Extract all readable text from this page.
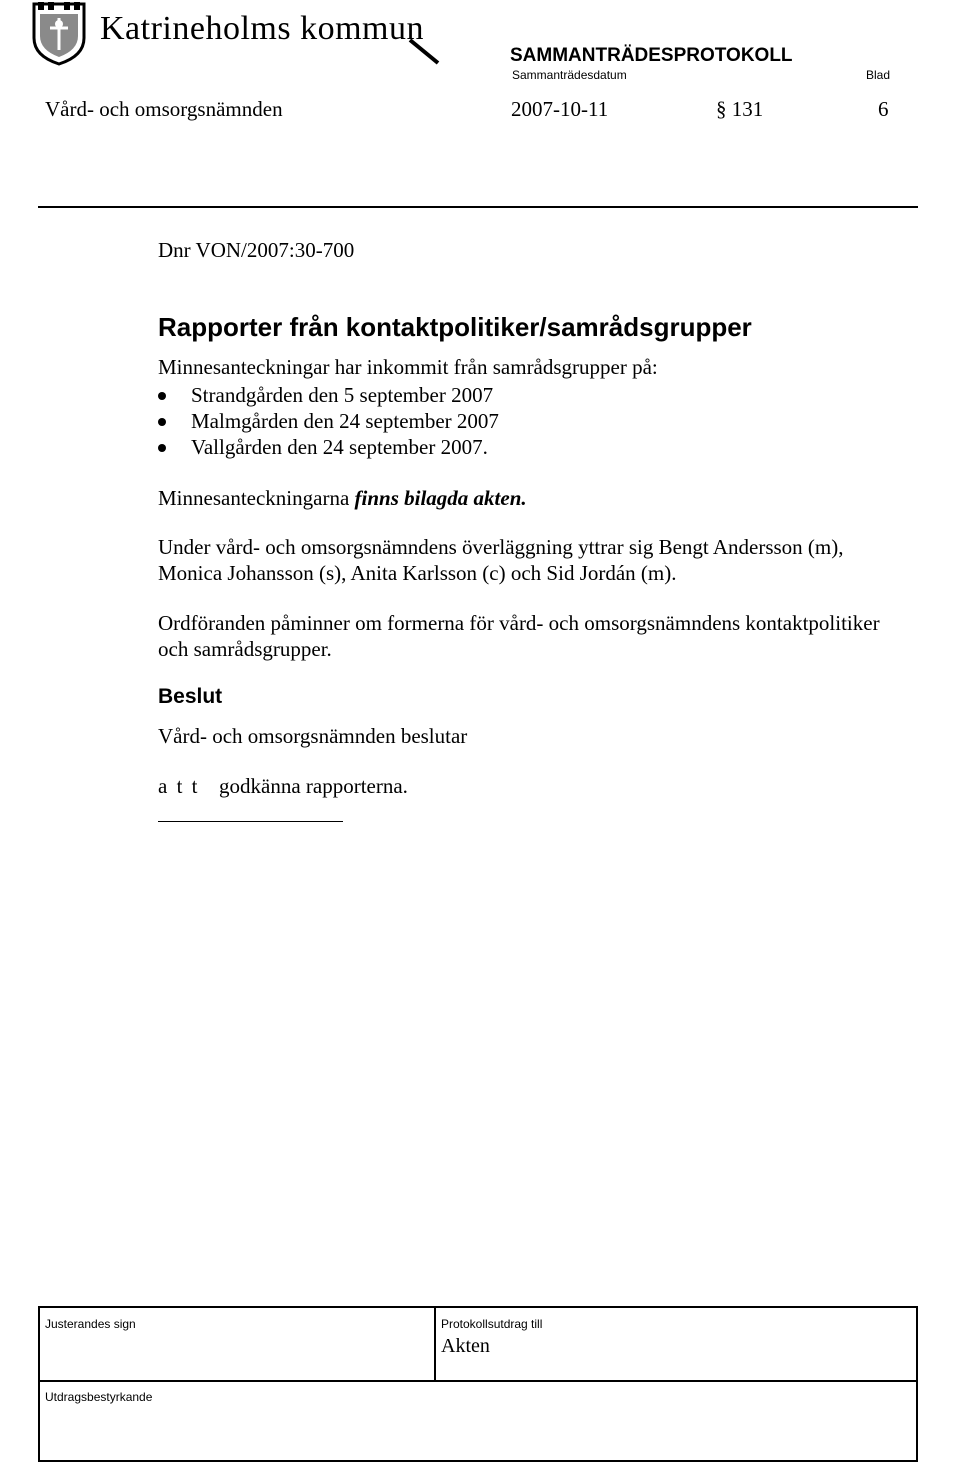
Katrineholms kommun
SAMMANTRÄDESPROTOKOLL
Sammanträdesdatum	Blad
Vård- och omsorgsnämnden	2007-10-11	§ 131	6
Dnr VON/2007:30-700
Rapporter från kontaktpolitiker/samrådsgrupper
Minnesanteckningar har inkommit från samrådsgrupper på:
Strandgården den 5 september 2007
Malmgården den 24 september 2007
Vallgården den 24 september 2007.
Minnesanteckningarna finns bilagda akten.
Under vård- och omsorgsnämndens överläggning yttrar sig Bengt Andersson (m),
Monica Johansson (s), Anita Karlsson (c) och Sid Jordán (m).
Ordföranden påminner om formerna för vård- och omsorgsnämndens kontaktpolitiker
och samrådsgrupper.
Beslut
Vård- och omsorgsnämnden beslutar
a t t godkänna rapporterna.
Justerandes sign	Protokollsutdrag till
Akten
Utdragsbestyrkande
